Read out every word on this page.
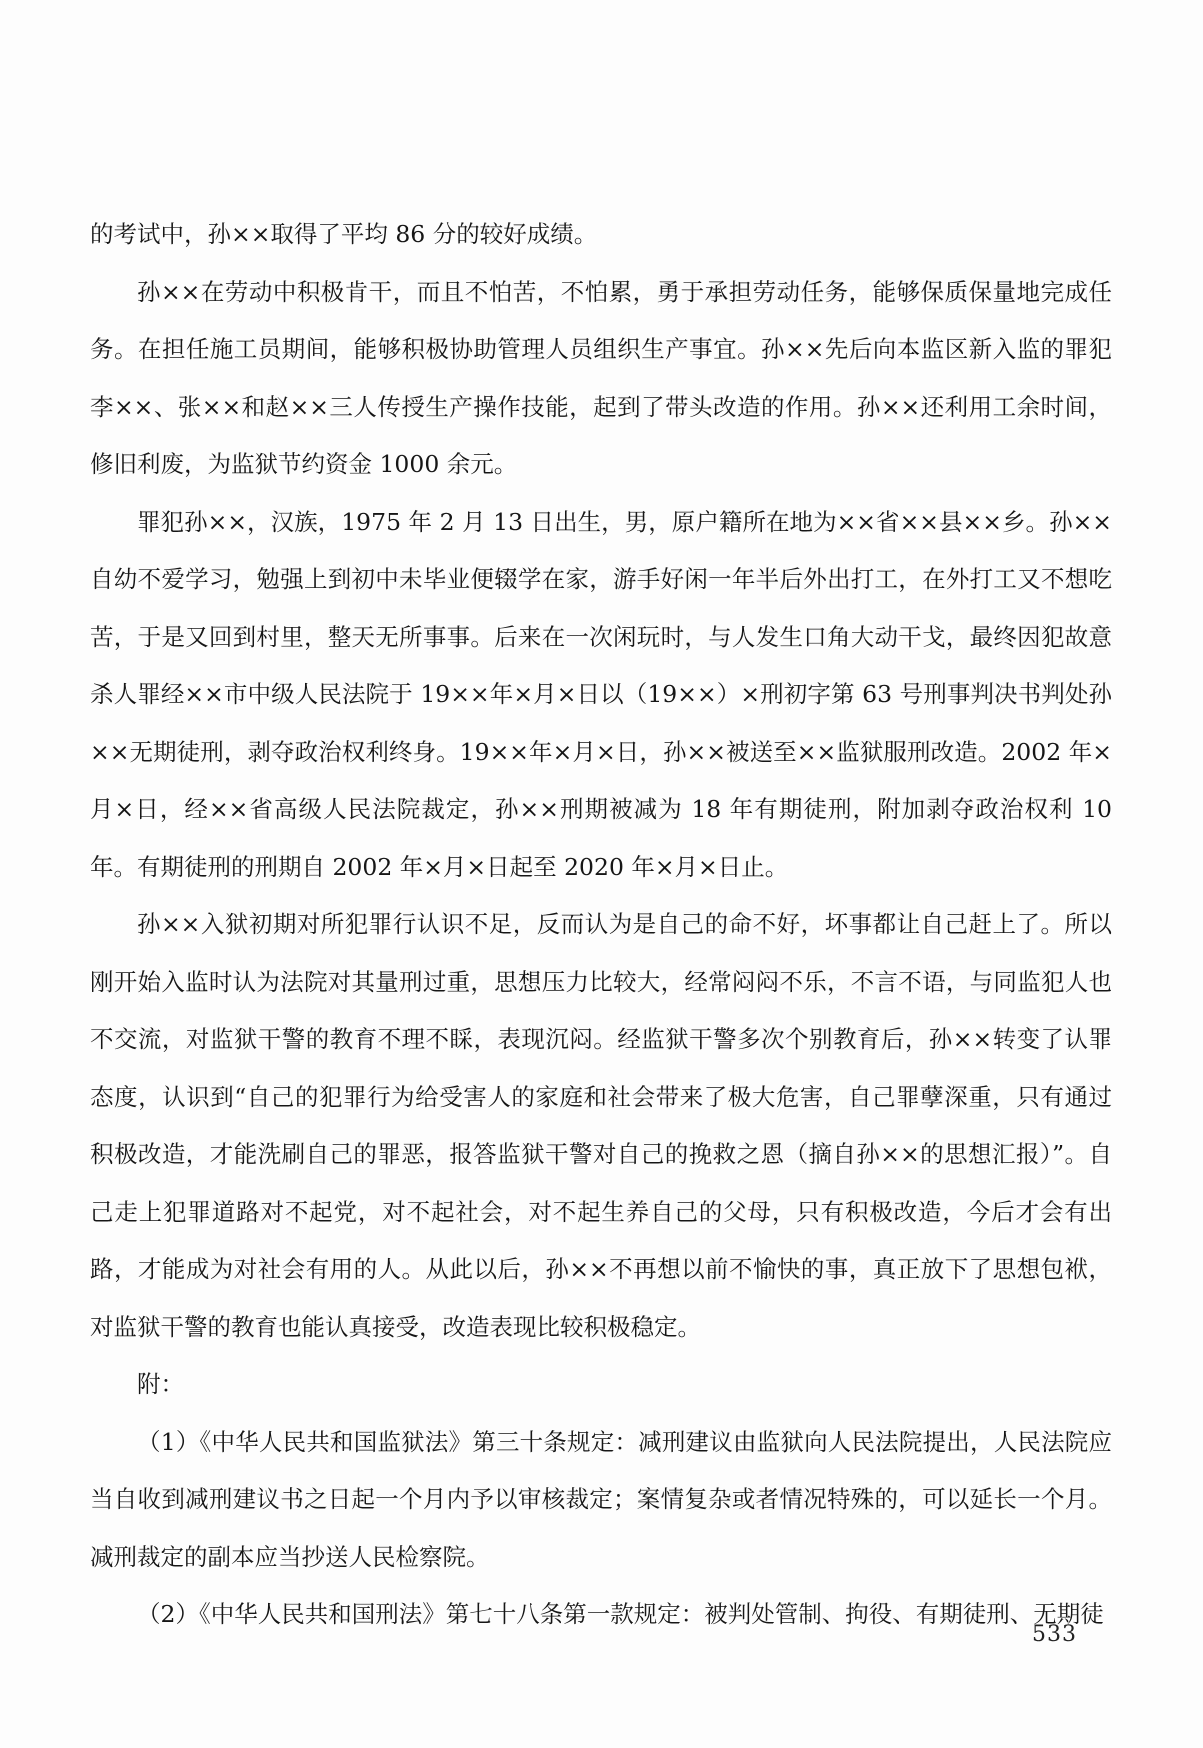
的考试中，孙××取得了平均 86 分的较好成绩。

孙××在劳动中积极肯干，而且不怕苦，不怕累，勇于承担劳动任务，能够保质保量地完成任务。在担任施工员期间，能够积极协助管理人员组织生产事宜。孙××先后向本监区新入监的罪犯李××、张××和赵××三人传授生产操作技能，起到了带头改造的作用。孙××还利用工余时间，修旧利废，为监狱节约资金 1000 余元。

罪犯孙××，汉族，1975 年 2 月 13 日出生，男，原户籍所在地为××省××县××乡。孙××自幼不爱学习，勉强上到初中未毕业便辍学在家，游手好闲一年半后外出打工，在外打工又不想吃苦，于是又回到村里，整天无所事事。后来在一次闲玩时，与人发生口角大动干戈，最终因犯故意杀人罪经××市中级人民法院于 19××年×月×日以（19××）×刑初字第 63 号刑事判决书判处孙××无期徒刑，剥夺政治权利终身。19××年×月×日，孙××被送至××监狱服刑改造。2002 年×月×日，经××省高级人民法院裁定，孙××刑期被减为 18 年有期徒刑，附加剥夺政治权利 10 年。有期徒刑的刑期自 2002 年×月×日起至 2020 年×月×日止。

孙××入狱初期对所犯罪行认识不足，反而认为是自己的命不好，坏事都让自己赶上了。所以刚开始入监时认为法院对其量刑过重，思想压力比较大，经常闷闷不乐，不言不语，与同监犯人也不交流，对监狱干警的教育不理不睬，表现沉闷。经监狱干警多次个别教育后，孙××转变了认罪态度，认识到“自己的犯罪行为给受害人的家庭和社会带来了极大危害，自己罪孽深重，只有通过积极改造，才能洗刷自己的罪恶，报答监狱干警对自己的挽救之恩（摘自孙××的思想汇报）”。自己走上犯罪道路对不起党，对不起社会，对不起生养自己的父母，只有积极改造，今后才会有出路，才能成为对社会有用的人。从此以后，孙××不再想以前不愉快的事，真正放下了思想包袱，对监狱干警的教育也能认真接受，改造表现比较积极稳定。

附：

（1）《中华人民共和国监狱法》第三十条规定：减刑建议由监狱向人民法院提出，人民法院应当自收到减刑建议书之日起一个月内予以审核裁定；案情复杂或者情况特殊的，可以延长一个月。减刑裁定的副本应当抄送人民检察院。

（2）《中华人民共和国刑法》第七十八条第一款规定：被判处管制、拘役、有期徒刑、无期徒

533
